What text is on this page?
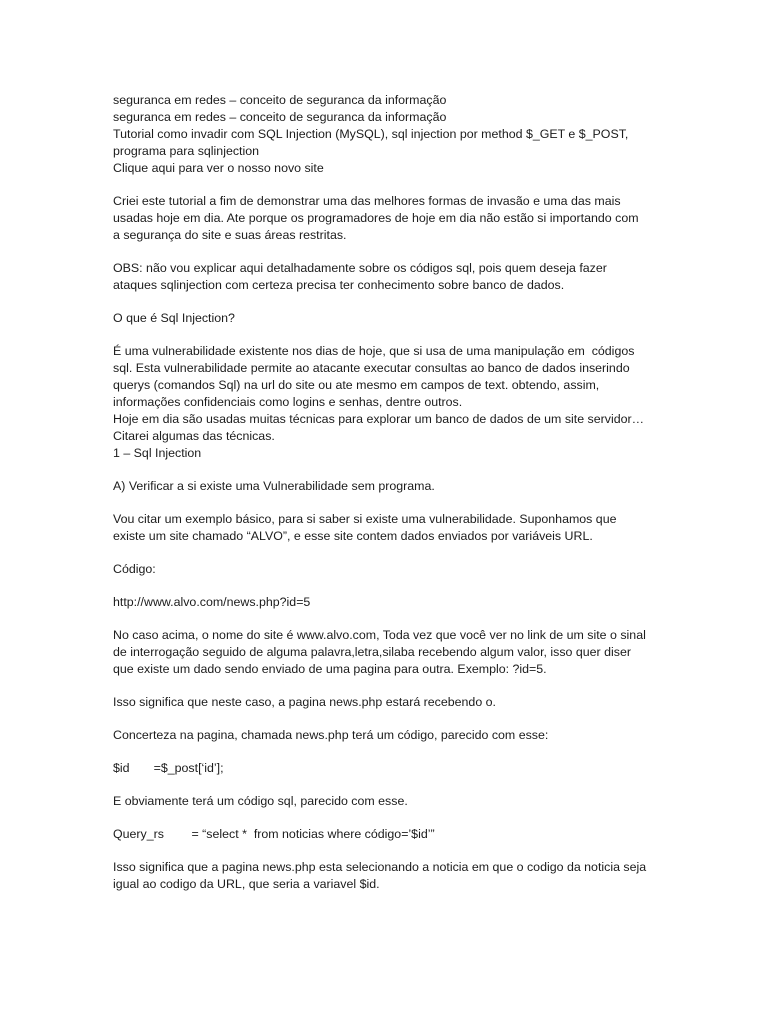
seguranca em redes – conceito de seguranca da informação

seguranca em redes – conceito de seguranca da informação

Tutorial como invadir com SQL Injection (MySQL), sql injection por method $_GET e $_POST,

programa para sqlinjection

Clique aqui para ver o nosso novo site

Criei este tutorial a fim de demonstrar uma das melhores formas de invasão e uma das mais

usadas hoje em dia. Ate porque os programadores de hoje em dia não estão si importando com

a segurança do site e suas áreas restritas.

OBS: não vou explicar aqui detalhadamente sobre os códigos sql, pois quem deseja fazer

ataques sqlinjection com certeza precisa ter conhecimento sobre banco de dados.

O que é Sql Injection?

É uma vulnerabilidade existente nos dias de hoje, que si usa de uma manipulação em  códigos

sql. Esta vulnerabilidade permite ao atacante executar consultas ao banco de dados inserindo

querys (comandos Sql) na url do site ou ate mesmo em campos de text. obtendo, assim,

informações confidenciais como logins e senhas, dentre outros.

Hoje em dia são usadas muitas técnicas para explorar um banco de dados de um site servidor…

Citarei algumas das técnicas.

1 – Sql Injection

A) Verificar a si existe uma Vulnerabilidade sem programa.

Vou citar um exemplo básico, para si saber si existe uma vulnerabilidade. Suponhamos que

existe um site chamado “ALVO”, e esse site contem dados enviados por variáveis URL.

Código:

http://www.alvo.com/news.php?id=5

No caso acima, o nome do site é www.alvo.com, Toda vez que você ver no link de um site o sinal

de interrogação seguido de alguma palavra,letra,silaba recebendo algum valor, isso quer diser

que existe um dado sendo enviado de uma pagina para outra. Exemplo: ?id=5.

Isso significa que neste caso, a pagina news.php estará recebendo o.

Concerteza na pagina, chamada news.php terá um código, parecido com esse:

$id       =$_post[‘id’];

E obviamente terá um código sql, parecido com esse.

Query_rs        = “select *  from noticias where código=’$id’”

Isso significa que a pagina news.php esta selecionando a noticia em que o codigo da noticia seja

igual ao codigo da URL, que seria a variavel $id.
